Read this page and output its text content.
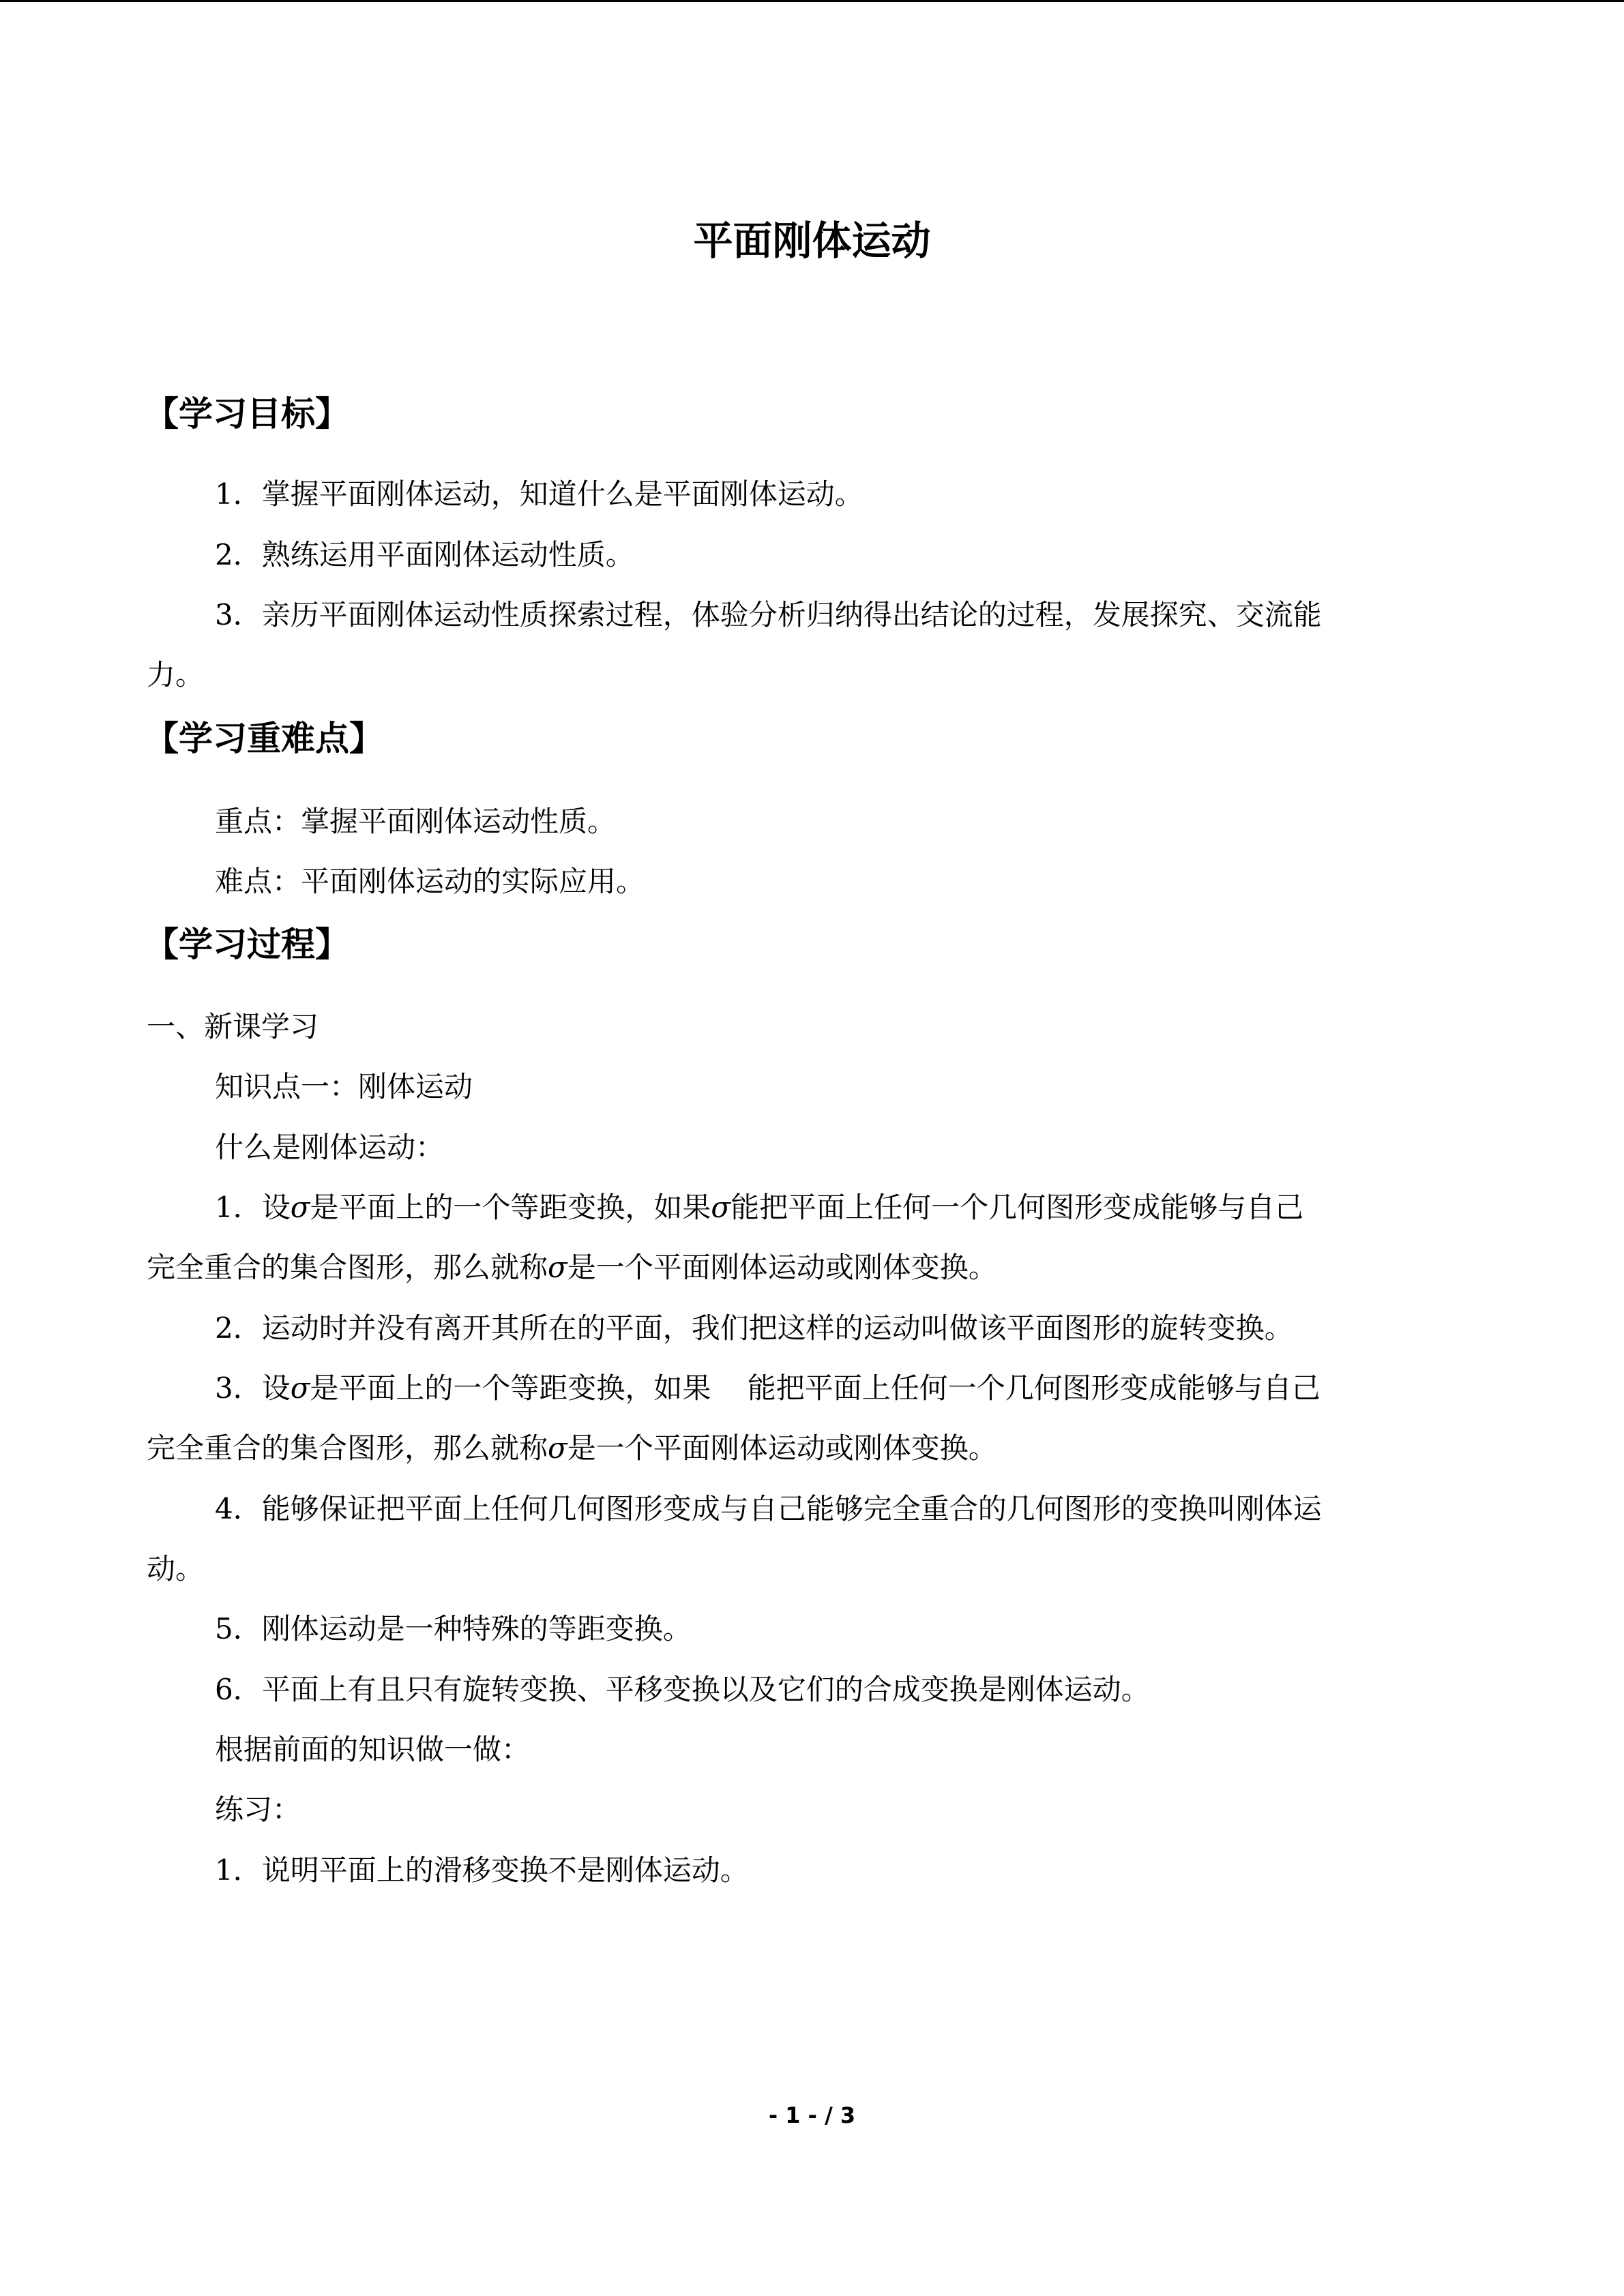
平面刚体运动
【学习目标】
1．掌握平面刚体运动，知道什么是平面刚体运动。
2．熟练运用平面刚体运动性质。
3．亲历平面刚体运动性质探索过程，体验分析归纳得出结论的过程，发展探究、交流能
力。
【学习重难点】
重点：掌握平面刚体运动性质。
难点：平面刚体运动的实际应用。
【学习过程】
一、新课学习
知识点一：刚体运动
什么是刚体运动：
1．设σ是平面上的一个等距变换，如果σ能把平面上任何一个几何图形变成能够与自己
完全重合的集合图形，那么就称σ是一个平面刚体运动或刚体变换。
2．运动时并没有离开其所在的平面，我们把这样的运动叫做该平面图形的旋转变换。
3．设σ是平面上的一个等距变换，如果    能把平面上任何一个几何图形变成能够与自己
完全重合的集合图形，那么就称σ是一个平面刚体运动或刚体变换。
4．能够保证把平面上任何几何图形变成与自己能够完全重合的几何图形的变换叫刚体运
动。
5．刚体运动是一种特殊的等距变换。
6．平面上有且只有旋转变换、平移变换以及它们的合成变换是刚体运动。
根据前面的知识做一做：
练习：
1．说明平面上的滑移变换不是刚体运动。
- 1 - / 3
